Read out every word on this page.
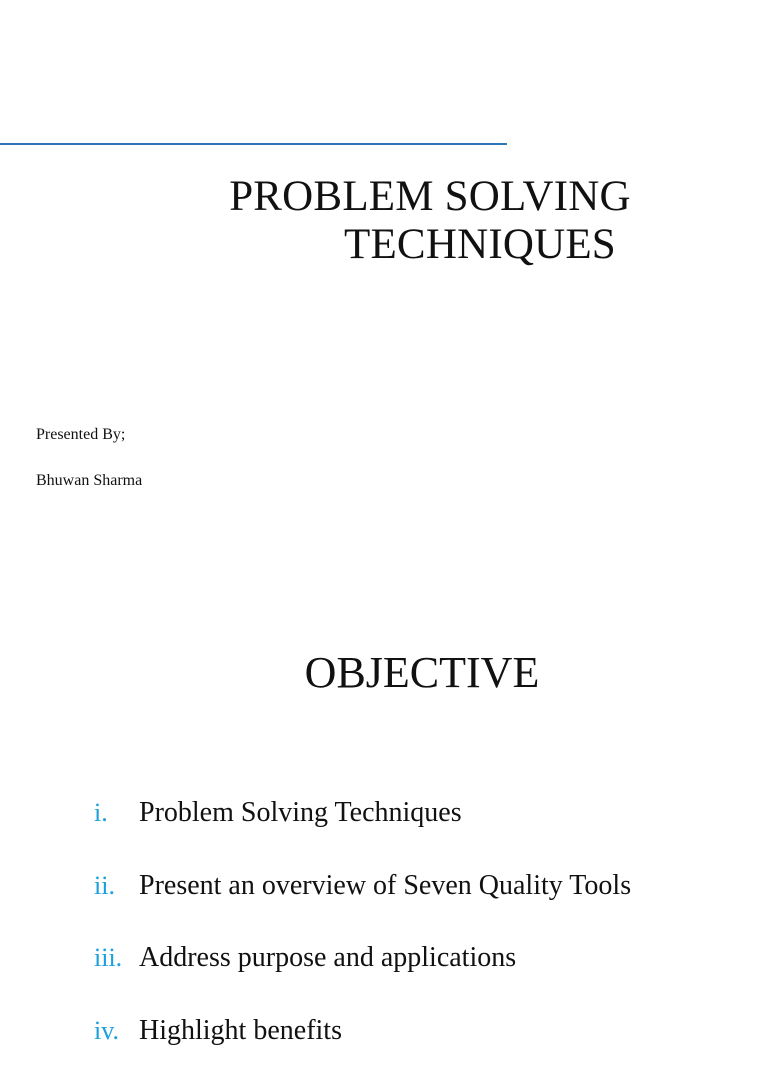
PROBLEM SOLVING
TECHNIQUES
Presented By;
Bhuwan Sharma
OBJECTIVE
i. Problem Solving Techniques
ii. Present an overview of Seven Quality Tools
iii. Address purpose and applications
iv. Highlight benefits
